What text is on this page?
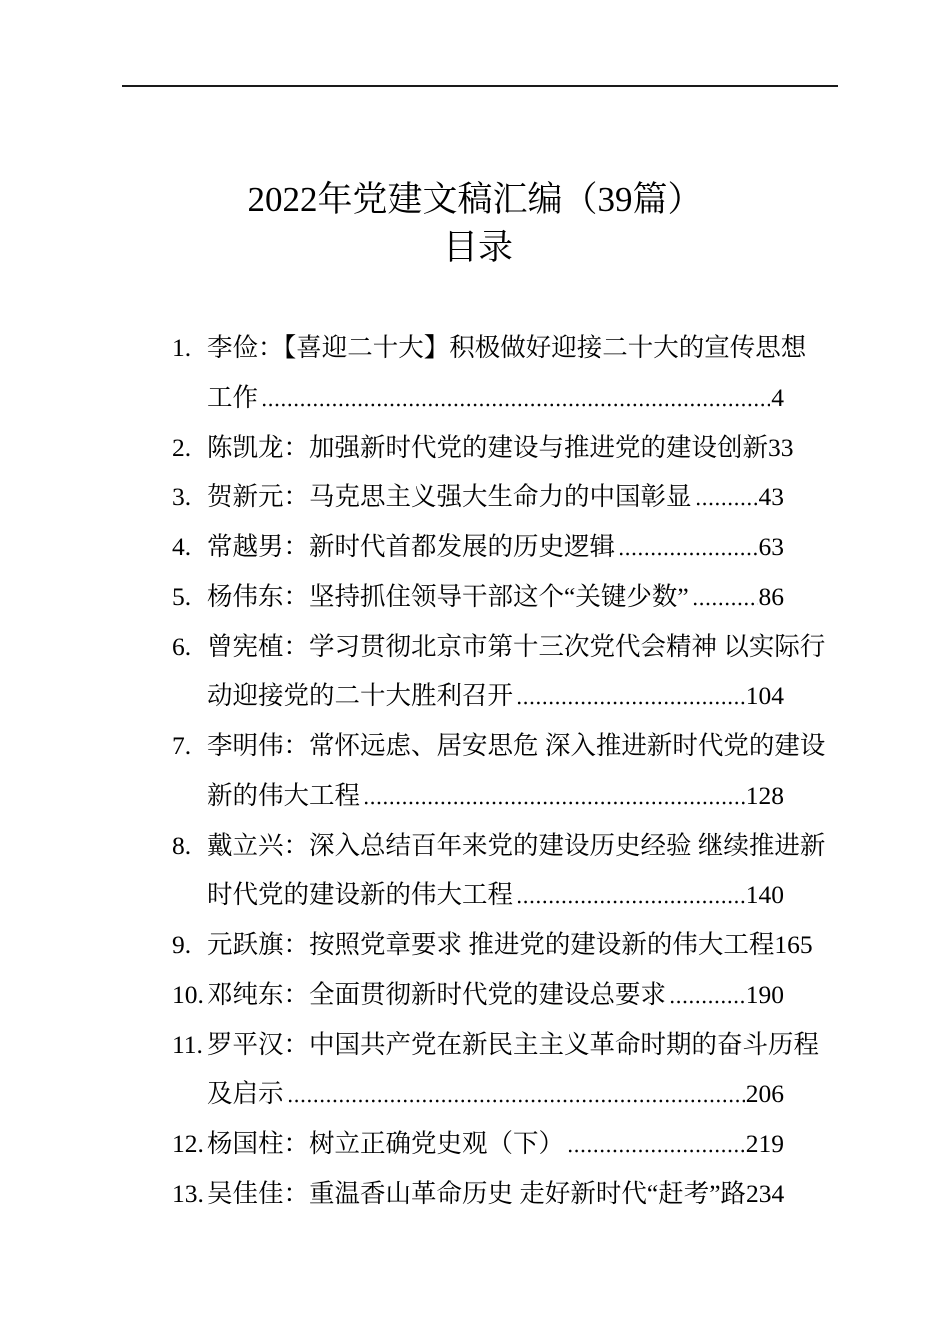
2022年党建文稿汇编（39篇）
目录
1. 李俭：【喜迎二十大】积极做好迎接二十大的宣传思想
工作	4
2. 陈凯龙：加强新时代党的建设与推进党的建设创新 33
3. 贺新元：马克思主义强大生命力的中国彰显	43
4. 常越男：新时代首都发展的历史逻辑	63
5. 杨伟东：坚持抓住领导干部这个“关键少数”	86
6. 曾宪植：学习贯彻北京市第十三次党代会精神 以实际行
动迎接党的二十大胜利召开	104
7. 李明伟：常怀远虑、居安思危 深入推进新时代党的建设
新的伟大工程	128
8. 戴立兴：深入总结百年来党的建设历史经验 继续推进新
时代党的建设新的伟大工程	140
9. 元跃旗：按照党章要求 推进党的建设新的伟大工程 165
10. 邓纯东：全面贯彻新时代党的建设总要求	190
11. 罗平汉：中国共产党在新民主主义革命时期的奋斗历程
及启示	206
12. 杨国柱：树立正确党史观（下）	219
13. 吴佳佳：重温香山革命历史 走好新时代“赶考”路 234
